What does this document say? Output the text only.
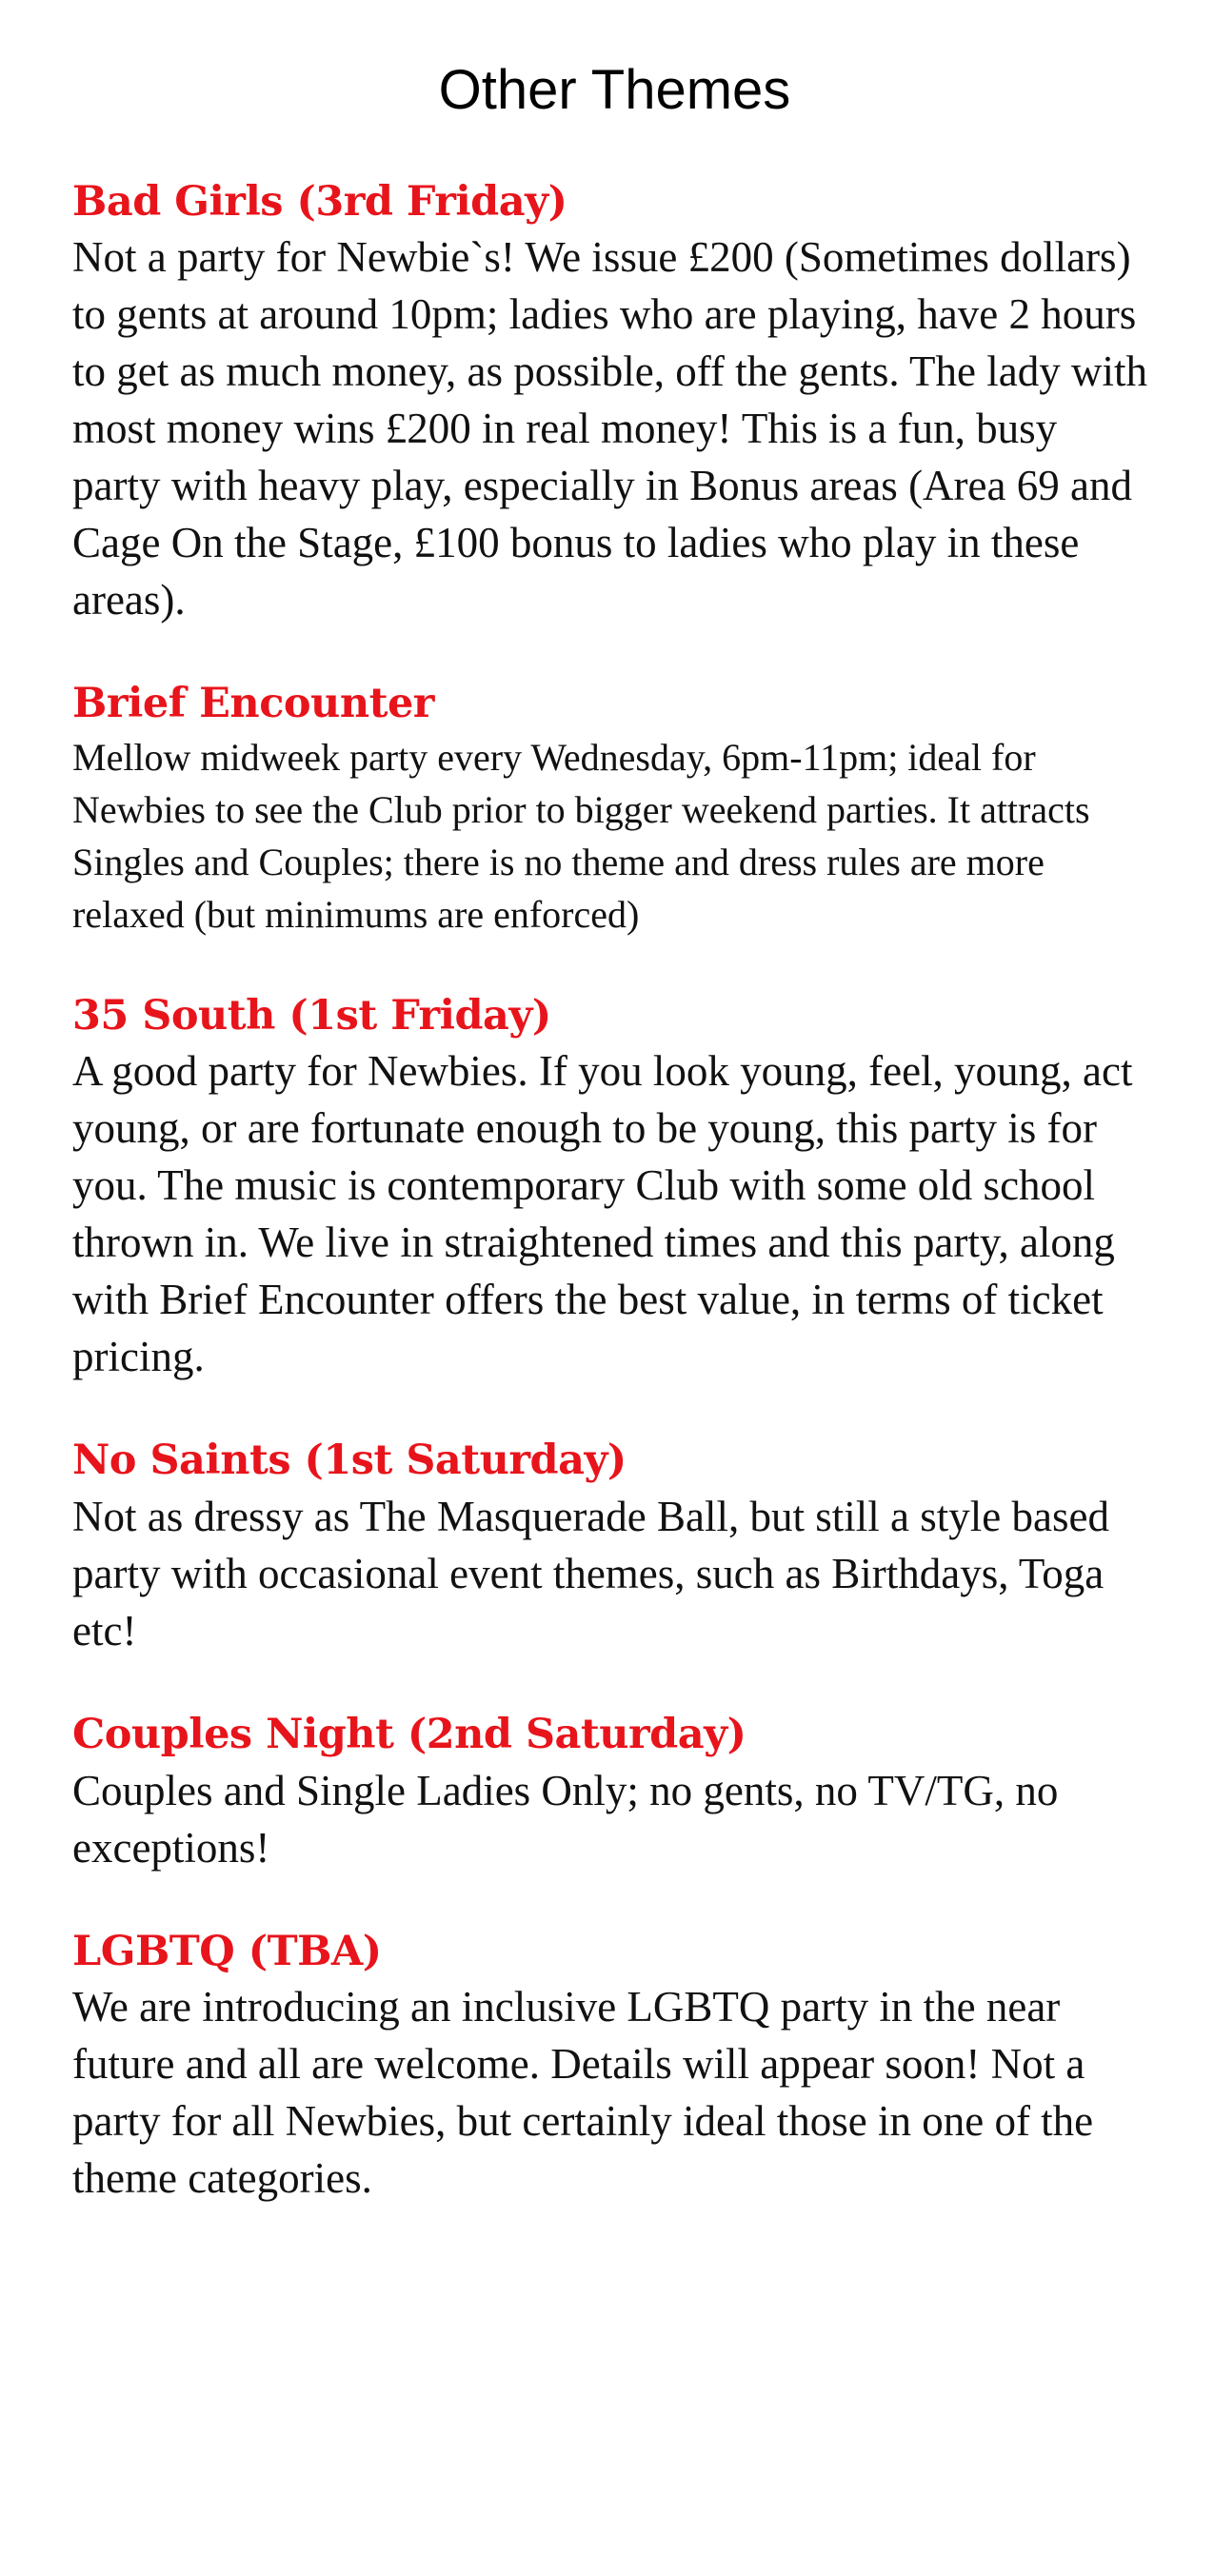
Other Themes
Bad Girls (3rd Friday)

Not a party for Newbie`s! We issue £200 (Sometimes dollars) to gents at around 10pm; ladies who are playing, have 2 hours to get as much money, as possible, off the gents. The lady with most money wins £200 in real money! This is a fun, busy party with heavy play, especially in Bonus areas (Area 69 and Cage On the Stage, £100 bonus to ladies who play in these areas).

Brief Encounter

Mellow midweek party every Wednesday, 6pm-11pm; ideal for Newbies to see the Club prior to bigger weekend parties. It attracts Singles and Couples; there is no theme and dress rules are more relaxed (but minimums are enforced)

35 South (1st Friday)

A good party for Newbies. If you look young, feel, young, act young, or are fortunate enough to be young, this party is for you. The music is contemporary Club with some old school thrown in. We live in straightened times and this party, along with Brief Encounter offers the best value, in terms of ticket pricing.

No Saints (1st Saturday)

Not as dressy as The Masquerade Ball, but still a style based party with occasional event themes, such as Birthdays, Toga etc!

Couples Night (2nd Saturday)

Couples and Single Ladies Only; no gents, no TV/TG, no exceptions!

LGBTQ (TBA)

We are introducing an inclusive LGBTQ party in the near future and all are welcome. Details will appear soon! Not a party for all Newbies, but certainly ideal those in one of the theme categories.
